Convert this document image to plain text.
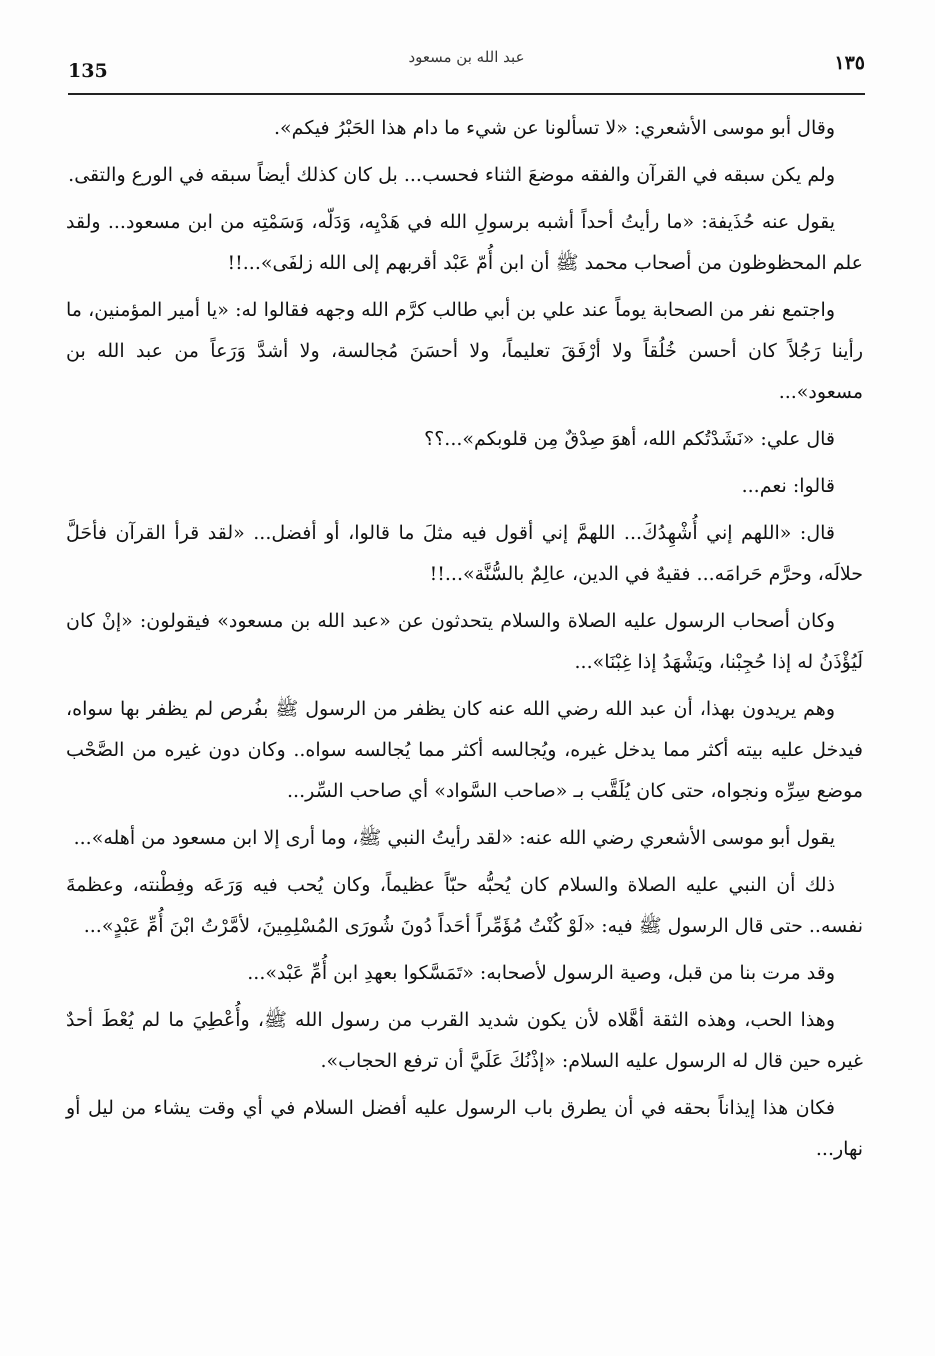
135
عبد الله بن مسعود	١٣٥

وقال أبو موسى الأشعري: «لا تسألونا عن شيء ما دام هذا الحَبْرُ فيكم».

ولم يكن سبقه في القرآن والفقه موضعَ الثناء فحسب... بل كان كذلك أيضاً سبقه في الورع والتقى.

يقول عنه حُذَيفة: «ما رأيتُ أحداً أشبه برسولِ الله في هَدْيِه، وَدَلّه، وَسَمْتِه من ابن مسعود... ولقد علم المحظوظون من أصحاب محمد ﷺ أن ابن أُمّ عَبْد أقربهم إلى الله زلفَى»...!!

واجتمع نفر من الصحابة يوماً عند علي بن أبي طالب كرَّم الله وجهه فقالوا له: «يا أمير المؤمنين، ما رأينا رَجُلاً كان أحسن خُلُقاً ولا أرْفَقَ تعليماً، ولا أحسَنَ مُجالسة، ولا أشدَّ وَرَعاً من عبد الله بن مسعود»...

قال علي: «نَشَدْتُكم الله، أهوَ صِدْقٌ مِن قلوبكم»...؟؟

قالوا: نعم...

قال: «اللهم إني أُشْهِدُكَ... اللهمَّ إني أقول فيه مثلَ ما قالوا، أو أفضل... «لقد قرأ القرآن فأحَلَّ حلالَه، وحرَّم حَرامَه... فقيهٌ في الدين، عالِمٌ بالسُّنَّة»...!!

وكان أصحاب الرسول عليه الصلاة والسلام يتحدثون عن «عبد الله بن مسعود» فيقولون: «إنْ كان لَيُؤْذَنُ له إذا حُجِبْنا، ويَشْهَدُ إذا غِبْنَا»...

وهم يريدون بهذا، أن عبد الله رضي الله عنه كان يظفر من الرسول ﷺ بفُرص لم يظفر بها سواه، فيدخل عليه بيته أكثر مما يدخل غيره، ويُجالسه أكثر مما يُجالسه سواه.. وكان دون غيره من الصَّحْب موضع سِرِّه ونجواه، حتى كان يُلَقَّب بـ «صاحب السَّواد» أي صاحب السِّر...

يقول أبو موسى الأشعري رضي الله عنه: «لقد رأيتُ النبي ﷺ، وما أرى إلا ابن مسعود من أهله»...

ذلك أن النبي عليه الصلاة والسلام كان يُحبُّه حبّاً عظيماً، وكان يُحب فيه وَرَعَه وفِطْنته، وعظمةَ نفسه.. حتى قال الرسول ﷺ فيه: «لَوْ كُنْتُ مُؤَمِّراً أحَداً دُونَ شُورَى المُسْلِمِينَ، لأمَّرْتُ ابْنَ أُمِّ عَبْدٍ»...

وقد مرت بنا من قبل، وصية الرسول لأصحابه: «تَمَسَّكوا بعهدِ ابن أُمِّ عَبْد»...

وهذا الحب، وهذه الثقة أهَّلاه لأن يكون شديد القرب من رسول الله ﷺ، وأُعْطِيَ ما لم يُعْطَ أحدٌ غيره حين قال له الرسول عليه السلام: «إذْنُكَ عَلَيَّ أن ترفع الحجاب».

فكان هذا إيذاناً بحقه في أن يطرق باب الرسول عليه أفضل السلام في أي وقت يشاء من ليل أو نهار...
